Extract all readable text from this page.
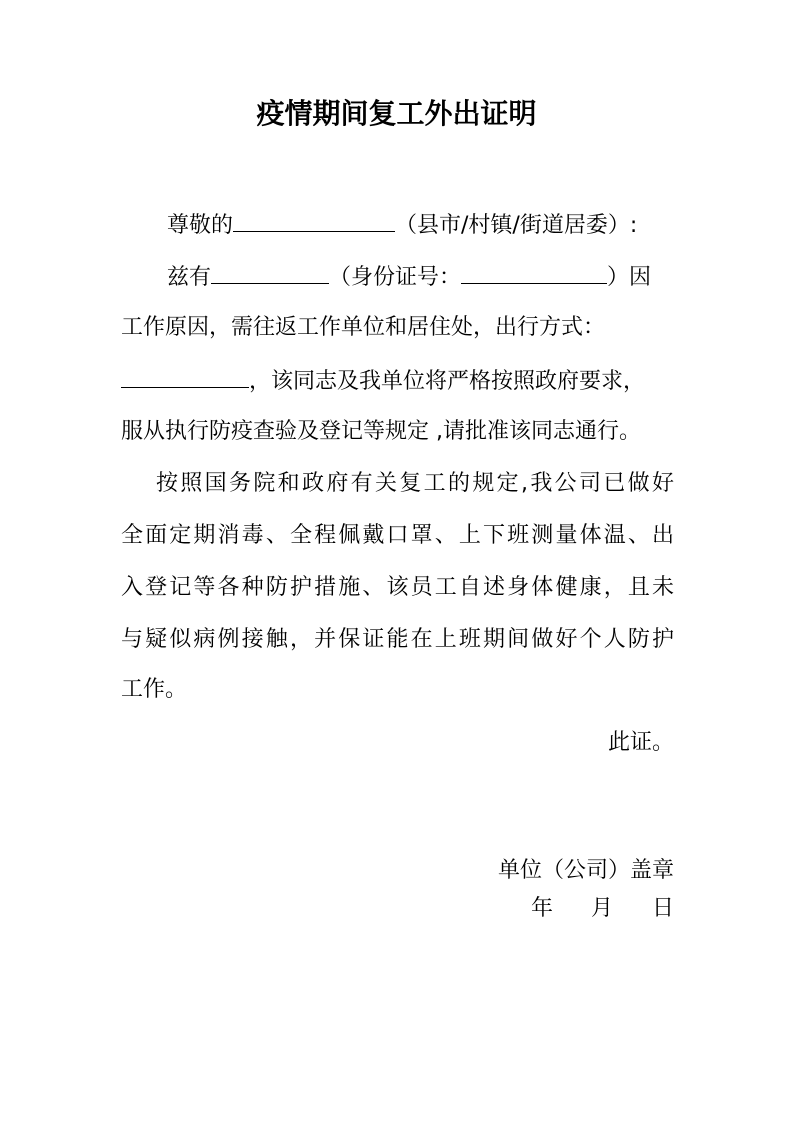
疫情期间复工外出证明
尊敬的	（县市/村镇/街道居委）:
兹有	（身份证号：	）因
工作原因，需往返工作单位和居住处，出行方式：
，该同志及我单位将严格按照政府要求，
服从执行防疫查验及登记等规定 ,请批准该同志通行。
按照国务院和政府有关复工的规定,我公司已做好
全面定期消毒、全程佩戴口罩、上下班测量体温、出
入登记等各种防护措施、该员工自述身体健康，且未
与疑似病例接触，并保证能在上班期间做好个人防护
工作。
此证。
单位（公司）盖章
年 月 日
